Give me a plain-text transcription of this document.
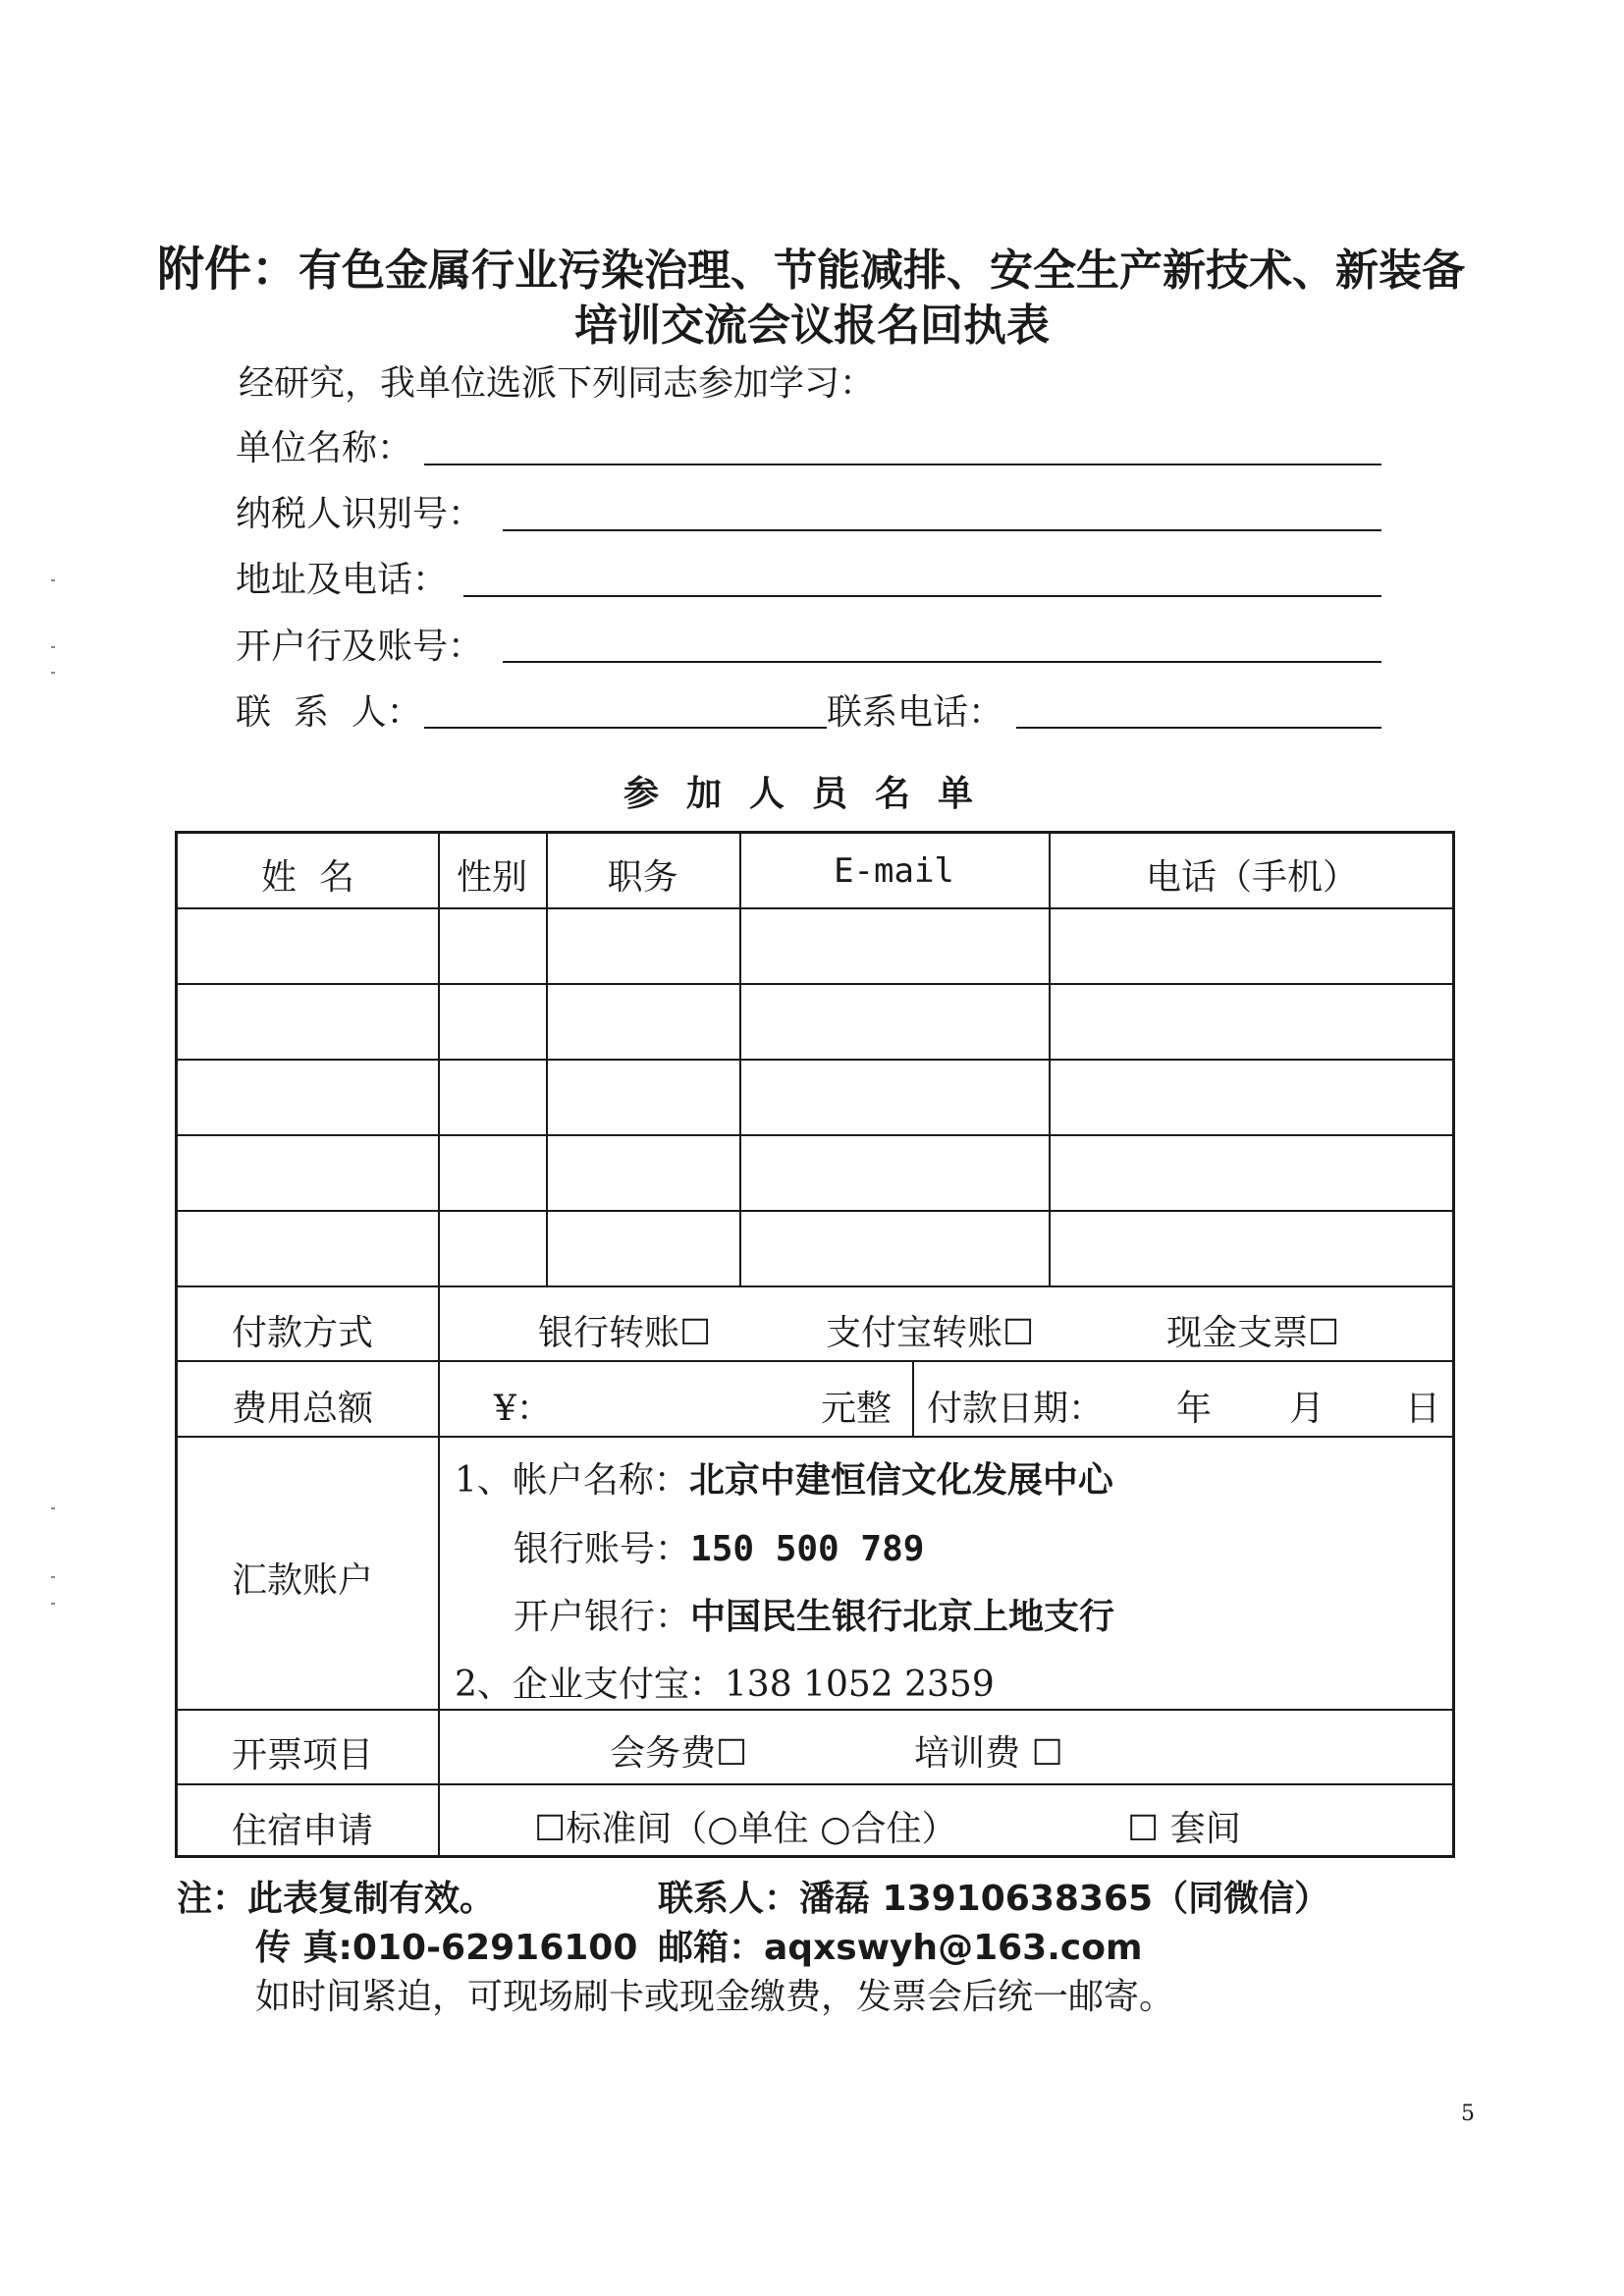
附件：有色金属行业污染治理、节能减排、安全生产新技术、新装备
培训交流会议报名回执表
经研究，我单位选派下列同志参加学习：
单位名称：
纳税人识别号：
地址及电话：
开户行及账号：
联  系  人：	联系电话：
参加人员名单
姓  名	性别	职务	E-mail	电话（手机）
付款方式	银行转账☐	支付宝转账☐	现金支票☐
费用总额	¥：	元整 付款日期： 年 月 日
汇款账户
1、帐户名称：北京中建恒信文化发展中心
银行账号：150 500 789
开户银行：中国民生银行北京上地支行
2、企业支付宝：138 1052 2359
开票项目	会务费☐	培训费 ☐
住宿申请	☐标准间（○单住 ○合住）	☐ 套间
注：此表复制有效。	联系人：潘磊 13910638365（同微信）
传 真:010-62916100 邮箱：aqxswyh@163.com
如时间紧迫，可现场刷卡或现金缴费，发票会后统一邮寄。
5
